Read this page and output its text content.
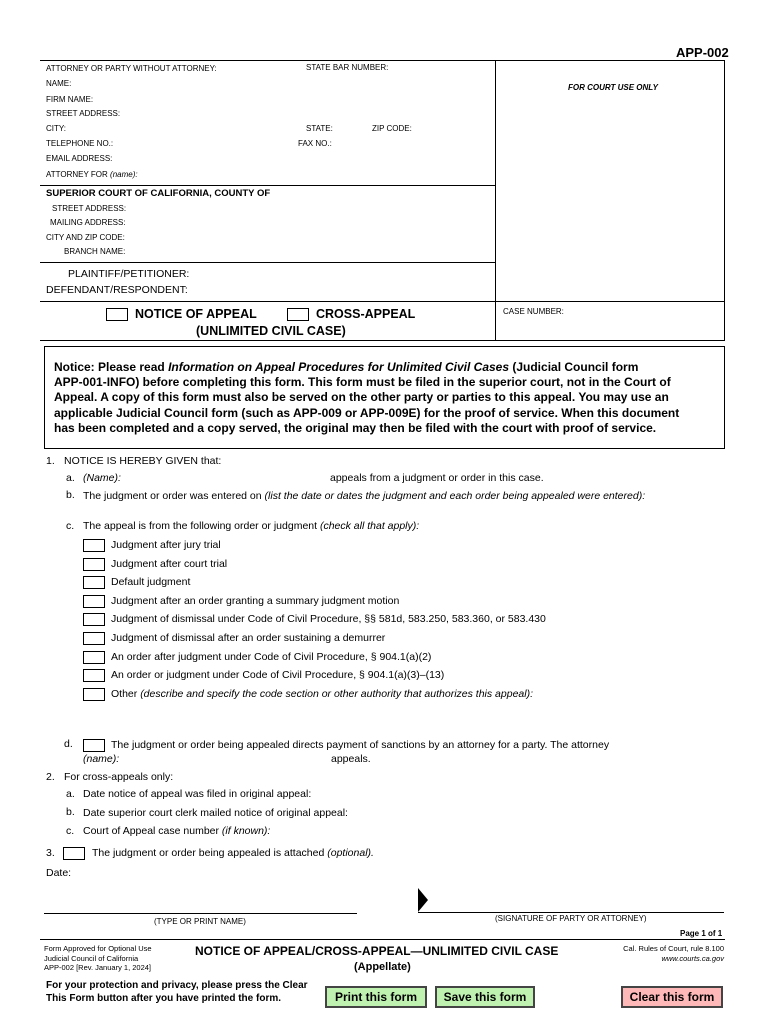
APP-002
ATTORNEY OR PARTY WITHOUT ATTORNEY:	STATE BAR NUMBER:
NAME:
FIRM NAME:
STREET ADDRESS:
CITY:	STATE:	ZIP CODE:
TELEPHONE NO.:	FAX NO.:
EMAIL ADDRESS:
ATTORNEY FOR (name):
FOR COURT USE ONLY
SUPERIOR COURT OF CALIFORNIA, COUNTY OF
STREET ADDRESS:
MAILING ADDRESS:
CITY AND ZIP CODE:
BRANCH NAME:
PLAINTIFF/PETITIONER:
DEFENDANT/RESPONDENT:
NOTICE OF APPEAL	CROSS-APPEAL
(UNLIMITED CIVIL CASE)
CASE NUMBER:
Notice: Please read Information on Appeal Procedures for Unlimited Civil Cases (Judicial Council form
APP-001-INFO) before completing this form. This form must be filed in the superior court, not in the Court of
Appeal. A copy of this form must also be served on the other party or parties to this appeal. You may use an
applicable Judicial Council form (such as APP-009 or APP-009E) for the proof of service. When this document
has been completed and a copy served, the original may then be filed with the court with proof of service.
1. NOTICE IS HEREBY GIVEN that:
a. (Name):	appeals from a judgment or order in this case.
b. The judgment or order was entered on (list the date or dates the judgment and each order being appealed were entered):
c. The appeal is from the following order or judgment (check all that apply):
Judgment after jury trial
Judgment after court trial
Default judgment
Judgment after an order granting a summary judgment motion
Judgment of dismissal under Code of Civil Procedure, §§ 581d, 583.250, 583.360, or 583.430
Judgment of dismissal after an order sustaining a demurrer
An order after judgment under Code of Civil Procedure, § 904.1(a)(2)
An order or judgment under Code of Civil Procedure, § 904.1(a)(3)–(13)
Other (describe and specify the code section or other authority that authorizes this appeal):
d.	The judgment or order being appealed directs payment of sanctions by an attorney for a party. The attorney
(name):	appeals.
2. For cross-appeals only:
a. Date notice of appeal was filed in original appeal:
b. Date superior court clerk mailed notice of original appeal:
c. Court of Appeal case number (if known):
3.	The judgment or order being appealed is attached (optional).
Date:
(TYPE OR PRINT NAME)	(SIGNATURE OF PARTY OR ATTORNEY)
Page 1 of 1
Form Approved for Optional Use
Judicial Council of California
APP-002 [Rev. January 1, 2024]
NOTICE OF APPEAL/CROSS-APPEAL—UNLIMITED CIVIL CASE
(Appellate)
Cal. Rules of Court, rule 8.100
www.courts.ca.gov
For your protection and privacy, please press the Clear
This Form button after you have printed the form.	Print this form	Save this form	Clear this form
